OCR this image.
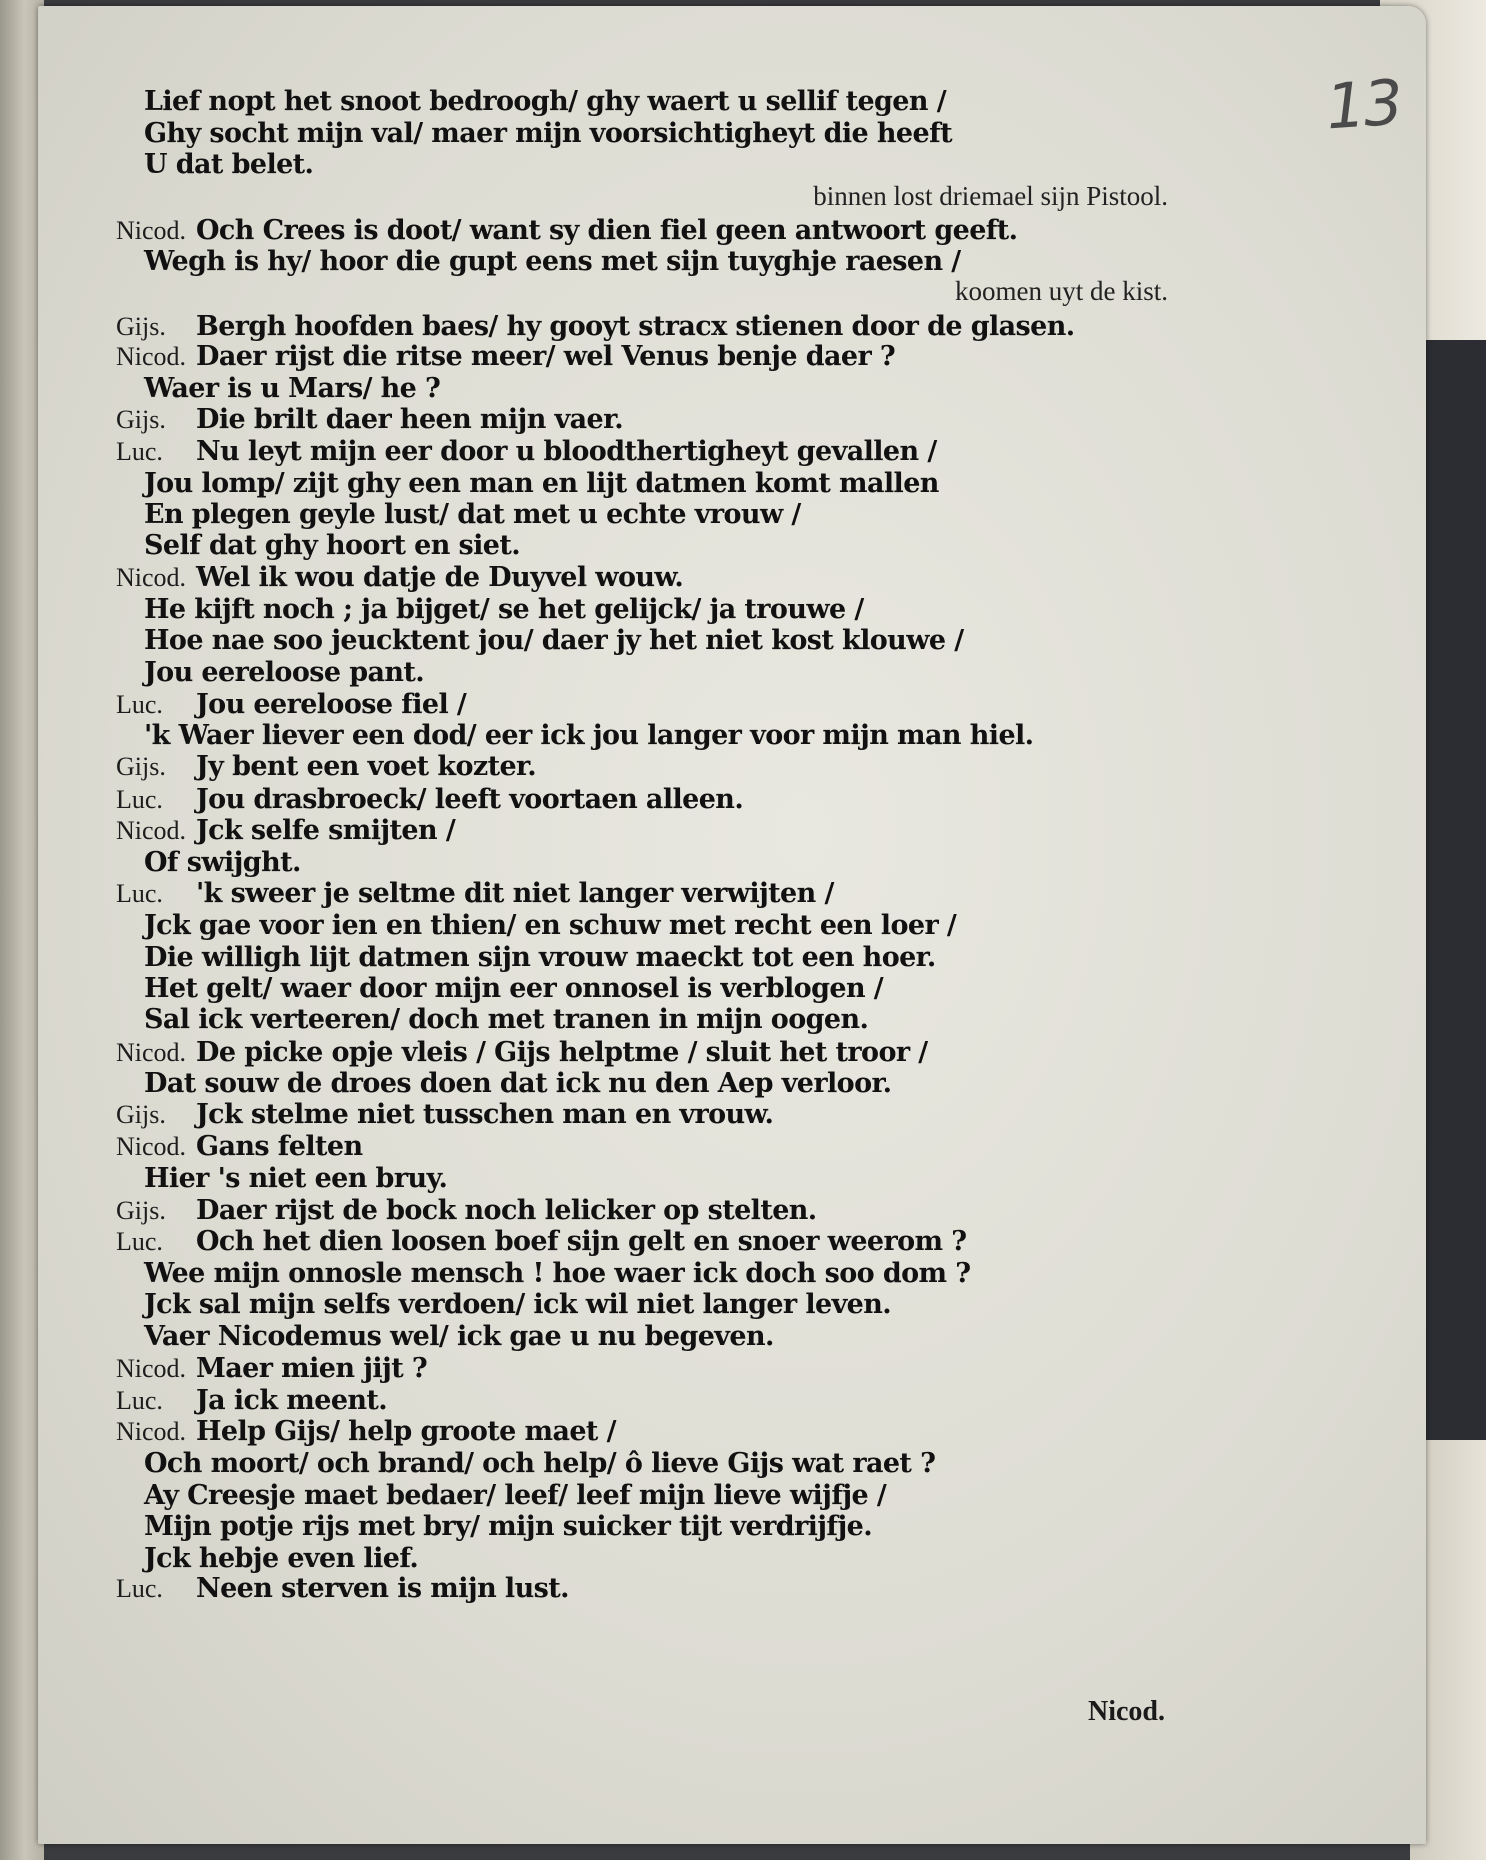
13
Lief nopt het snoot bedroogh/ ghy waert u sellif tegen /
Ghy socht mijn val/ maer mijn voorsichtigheyt die heeft
U dat belet.
binnen lost driemael sijn Pistool.
Nicod. Och Crees is doot/ want sy dien fiel geen antwoort geeft.
Wegh is hy/ hoor die gupt eens met sijn tuyghje raesen /
koomen uyt de kist.
Gijs. Bergh hoofden baes/ hy gooyt stracx stienen door de glasen.
Nicod. Daer rijst die ritse meer/ wel Venus benje daer ?
Waer is u Mars/ he ?
Gijs. Die brilt daer heen mijn vaer.
Luc. Nu leyt mijn eer door u bloodthertigheyt gevallen /
Jou lomp/ zijt ghy een man en lijt datmen komt mallen
En plegen geyle lust/ dat met u echte vrouw /
Self dat ghy hoort en siet.
Nicod. Wel ik wou datje de Duyvel wouw.
He kijft noch ; ja bijget/ se het gelijck/ ja trouwe /
Hoe nae soo jeucktent jou/ daer jy het niet kost klouwe /
Jou eereloose pant.
Luc. Jou eereloose fiel /
'k Waer liever een dod/ eer ick jou langer voor mijn man hiel.
Gijs. Jy bent een voet kozter.
Luc. Jou drasbroeck/ leeft voortaen alleen.
Nicod. Jck selfe smijten /
Of swijght.
Luc. 'k sweer je seltme dit niet langer verwijten /
Jck gae voor ien en thien/ en schuw met recht een loer /
Die willigh lijt datmen sijn vrouw maeckt tot een hoer.
Het gelt/ waer door mijn eer onnosel is verblogen /
Sal ick verteeren/ doch met tranen in mijn oogen.
Nicod. De picke opje vleis / Gijs helptme / sluit het troor /
Dat souw de droes doen dat ick nu den Aep verloor.
Gijs. Jck stelme niet tusschen man en vrouw.
Nicod. Gans felten
Hier 's niet een bruy.
Gijs. Daer rijst de bock noch lelicker op stelten.
Luc. Och het dien loosen boef sijn gelt en snoer weerom ?
Wee mijn onnosle mensch ! hoe waer ick doch soo dom ?
Jck sal mijn selfs verdoen/ ick wil niet langer leven.
Vaer Nicodemus wel/ ick gae u nu begeven.
Nicod. Maer mien jijt ?
Luc. Ja ick meent.
Nicod. Help Gijs/ help groote maet /
Och moort/ och brand/ och help/ ô lieve Gijs wat raet ?
Ay Creesje maet bedaer/ leef/ leef mijn lieve wijfje /
Mijn potje rijs met bry/ mijn suicker tijt verdrijfje.
Jck hebje even lief.
Luc. Neen sterven is mijn lust.
Nicod.
